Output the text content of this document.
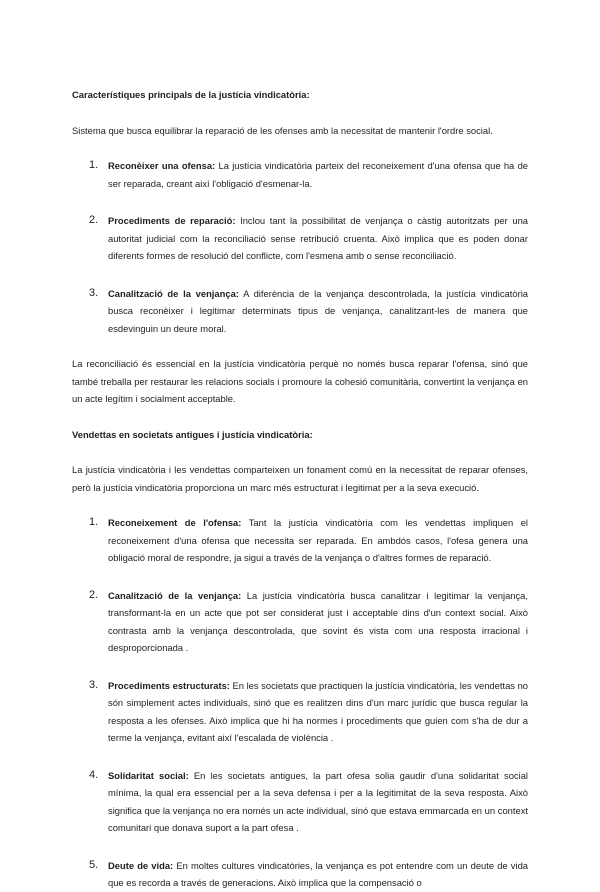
Característiques principals de la justícia vindicatòria:

Sistema que busca equilibrar la reparació de les ofenses amb la necessitat de mantenir l'ordre social.

1. Reconèixer una ofensa: La justícia vindicatòria parteix del reconeixement d'una ofensa que ha de ser reparada, creant així l'obligació d'esmenar-la.
2. Procediments de reparació: Inclou tant la possibilitat de venjança o càstig autoritzats per una autoritat judicial com la reconciliació sense retribució cruenta. Això implica que es poden donar diferents formes de resolució del conflicte, com l'esmena amb o sense reconciliació.
3. Canalització de la venjança: A diferència de la venjança descontrolada, la justícia vindicatòria busca reconèixer i legitimar determinats tipus de venjança, canalitzant-les de manera que esdevinguin un deure moral.

La reconciliació és essencial en la justícia vindicatòria perquè no només busca reparar l'ofensa, sinó que també treballa per restaurar les relacions socials i promoure la cohesió comunitària, convertint la venjança en un acte legítim i socialment acceptable.

Vendettas en societats antigues i justícia vindicatòria:

La justícia vindicatòria i les vendettas comparteixen un fonament comú en la necessitat de reparar ofenses, però la justícia vindicatòria proporciona un marc més estructurat i legitimat per a la seva execució.

1. Reconeixement de l'ofensa: Tant la justícia vindicatòria com les vendettas impliquen el reconeixement d'una ofensa que necessita ser reparada. En ambdós casos, l'ofesa genera una obligació moral de respondre, ja sigui a través de la venjança o d'altres formes de reparació.
2. Canalització de la venjança: La justícia vindicatòria busca canalitzar i legitimar la venjança, transformant-la en un acte que pot ser considerat just i acceptable dins d'un context social. Això contrasta amb la venjança descontrolada, que sovint és vista com una resposta irracional i desproporcionada .
3. Procediments estructurats: En les societats que practiquen la justícia vindicatòria, les vendettas no són simplement actes individuals, sinó que es realitzen dins d'un marc jurídic que busca regular la resposta a les ofenses. Això implica que hi ha normes i procediments que guien com s'ha de dur a terme la venjança, evitant així l'escalada de violència .
4. Solidaritat social: En les societats antigues, la part ofesa solia gaudir d'una solidaritat social mínima, la qual era essencial per a la seva defensa i per a la legitimitat de la seva resposta. Això significa que la venjança no era només un acte individual, sinó que estava emmarcada en un context comunitari que donava suport a la part ofesa .
5. Deute de vida: En moltes cultures vindicatòries, la venjança es pot entendre com un deute de vida que es recorda a través de generacions. Això implica que la compensació o
